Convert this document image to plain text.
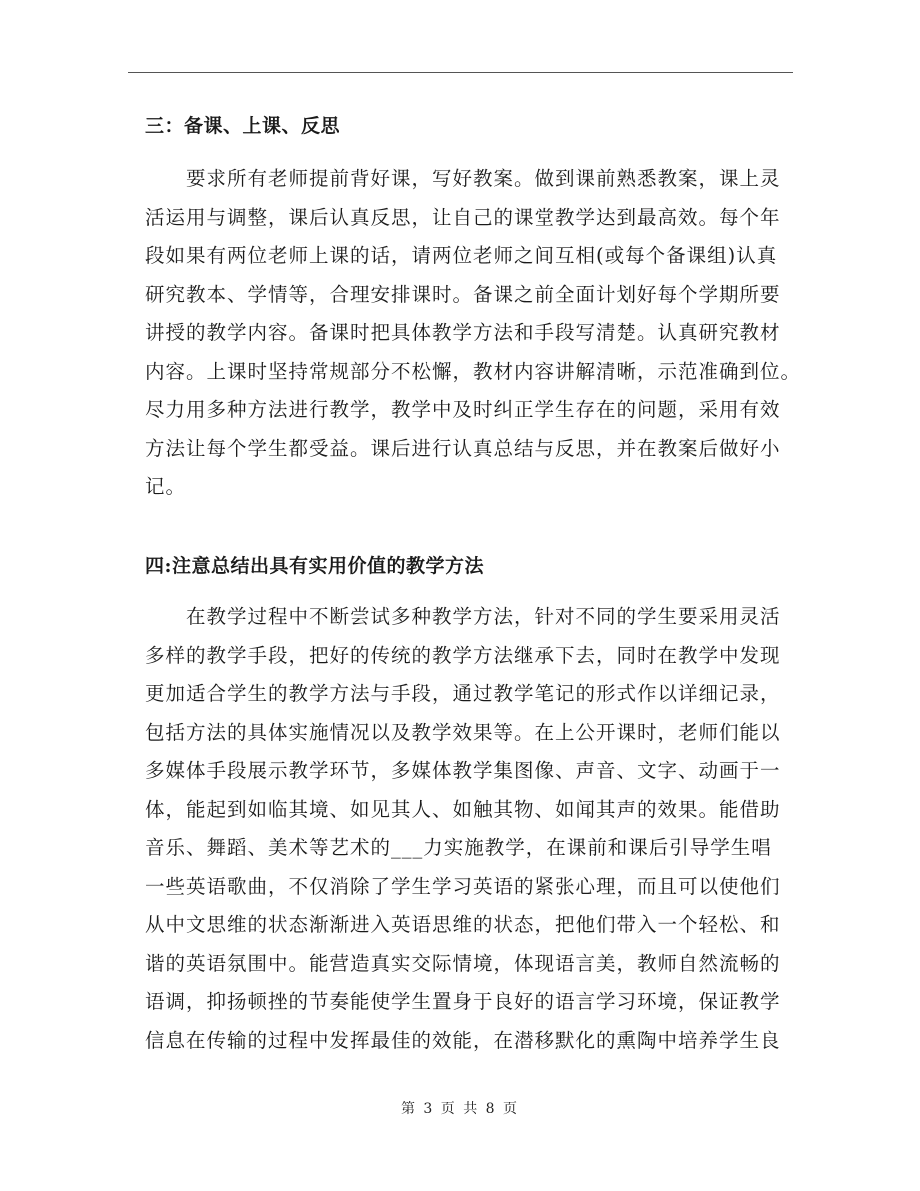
三：备课、上课、反思
　　要求所有老师提前背好课，写好教案。做到课前熟悉教案，课上灵
活运用与调整，课后认真反思，让自己的课堂教学达到最高效。每个年
段如果有两位老师上课的话，请两位老师之间互相(或每个备课组)认真
研究教本、学情等，合理安排课时。备课之前全面计划好每个学期所要
讲授的教学内容。备课时把具体教学方法和手段写清楚。认真研究教材
内容。上课时坚持常规部分不松懈，教材内容讲解清晰，示范准确到位。
尽力用多种方法进行教学，教学中及时纠正学生存在的问题，采用有效
方法让每个学生都受益。课后进行认真总结与反思，并在教案后做好小
记。
四:注意总结出具有实用价值的教学方法
　　在教学过程中不断尝试多种教学方法，针对不同的学生要采用灵活
多样的教学手段，把好的传统的教学方法继承下去，同时在教学中发现
更加适合学生的教学方法与手段，通过教学笔记的形式作以详细记录，
包括方法的具体实施情况以及教学效果等。在上公开课时，老师们能以
多媒体手段展示教学环节，多媒体教学集图像、声音、文字、动画于一
体，能起到如临其境、如见其人、如触其物、如闻其声的效果。能借助
音乐、舞蹈、美术等艺术的___力实施教学，在课前和课后引导学生唱
一些英语歌曲，不仅消除了学生学习英语的紧张心理，而且可以使他们
从中文思维的状态渐渐进入英语思维的状态，把他们带入一个轻松、和
谐的英语氛围中。能营造真实交际情境，体现语言美，教师自然流畅的
语调，抑扬顿挫的节奏能使学生置身于良好的语言学习环境，保证教学
信息在传输的过程中发挥最佳的效能，在潜移默化的熏陶中培养学生良
第 3 页 共 8 页
